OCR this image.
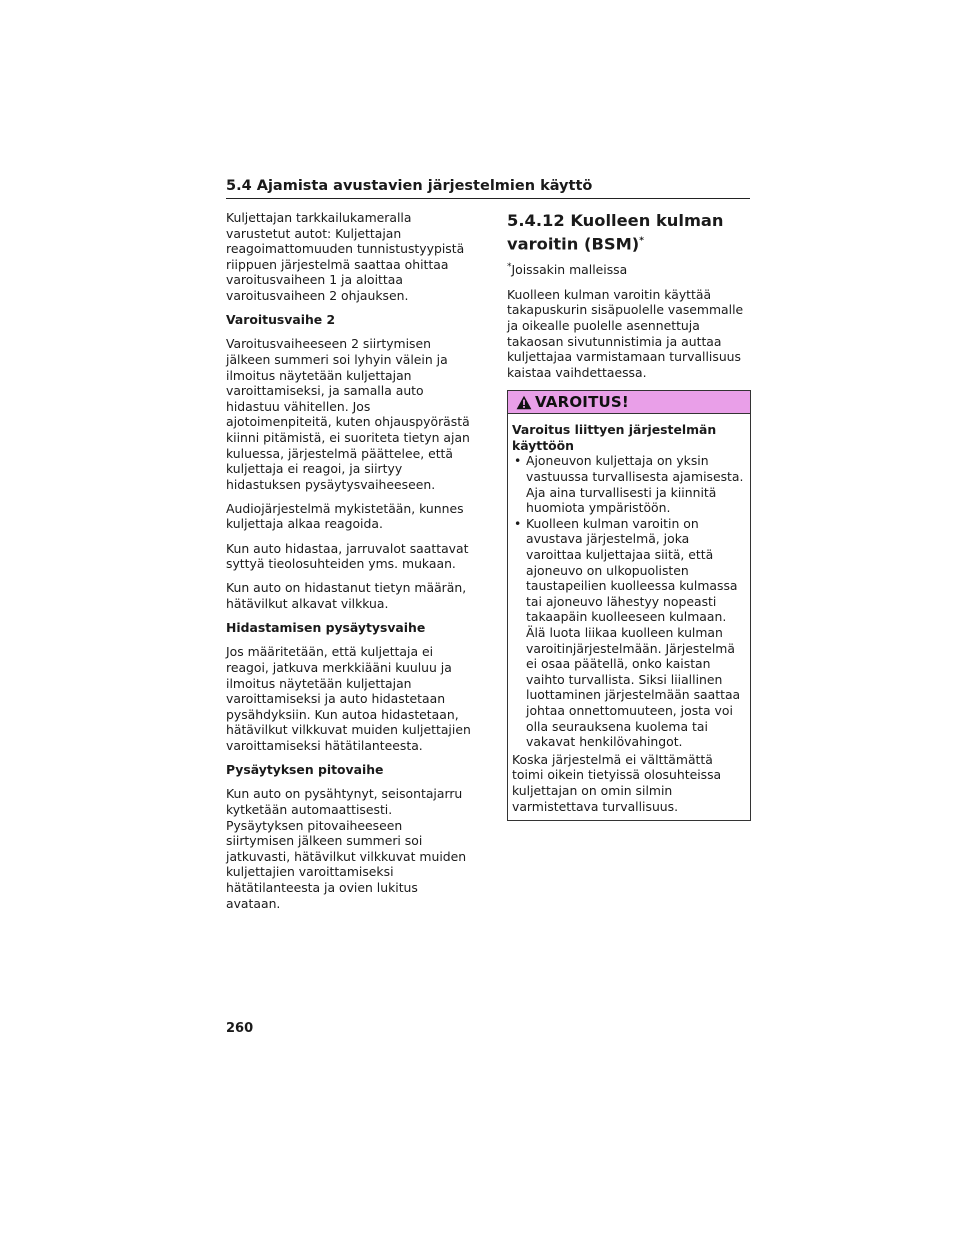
5.4 Ajamista avustavien järjestelmien käyttö

Kuljettajan tarkkailukameralla varustetut autot: Kuljettajan reagoimattomuuden tunnistustyypistä riippuen järjestelmä saattaa ohittaa varoitusvaiheen 1 ja aloittaa varoitusvaiheen 2 ohjauksen.

Varoitusvaihe 2

Varoitusvaiheeseen 2 siirtymisen jälkeen summeri soi lyhyin välein ja ilmoitus näytetään kuljettajan varoittamiseksi, ja samalla auto hidastuu vähitellen. Jos ajotoimenpiteitä, kuten ohjauspyörästä kiinni pitämistä, ei suoriteta tietyn ajan kuluessa, järjestelmä päättelee, että kuljettaja ei reagoi, ja siirtyy hidastuksen pysäytysvaiheeseen.

Audiojärjestelmä mykistetään, kunnes kuljettaja alkaa reagoida.

Kun auto hidastaa, jarruvalot saattavat syttyä tieolosuhteiden yms. mukaan.

Kun auto on hidastanut tietyn määrän, hätävilkut alkavat vilkkua.

Hidastamisen pysäytysvaihe

Jos määritetään, että kuljettaja ei reagoi, jatkuva merkkiääni kuuluu ja ilmoitus näytetään kuljettajan varoittamiseksi ja auto hidastetaan pysähdyksiin. Kun autoa hidastetaan, hätävilkut vilkkuvat muiden kuljettajien varoittamiseksi hätätilanteesta.

Pysäytyksen pitovaihe

Kun auto on pysähtynyt, seisontajarru kytketään automaattisesti. Pysäytyksen pitovaiheeseen siirtymisen jälkeen summeri soi jatkuvasti, hätävilkut vilkkuvat muiden kuljettajien varoittamiseksi hätätilanteesta ja ovien lukitus avataan.

5.4.12 Kuolleen kulman varoitin (BSM)*

*Joissakin malleissa

Kuolleen kulman varoitin käyttää takapuskurin sisäpuolelle vasemmalle ja oikealle puolelle asennettuja takaosan sivutunnistimia ja auttaa kuljettajaa varmistamaan turvallisuus kaistaa vaihdettaessa.

VAROITUS!

Varoitus liittyen järjestelmän käyttöön

• Ajoneuvon kuljettaja on yksin vastuussa turvallisesta ajamisesta. Aja aina turvallisesti ja kiinnitä huomiota ympäristöön.
• Kuolleen kulman varoitin on avustava järjestelmä, joka varoittaa kuljettajaa siitä, että ajoneuvo on ulkopuolisten taustapeilien kuolleessa kulmassa tai ajoneuvo lähestyy nopeasti takaapäin kuolleeseen kulmaan. Älä luota liikaa kuolleen kulman varoitinjärjestelmään. Järjestelmä ei osaa päätellä, onko kaistan vaihto turvallista. Siksi liiallinen luottaminen järjestelmään saattaa johtaa onnettomuuteen, josta voi olla seurauksena kuolema tai vakavat henkilövahingot.

Koska järjestelmä ei välttämättä toimi oikein tietyissä olosuhteissa kuljettajan on omin silmin varmistettava turvallisuus.

260
